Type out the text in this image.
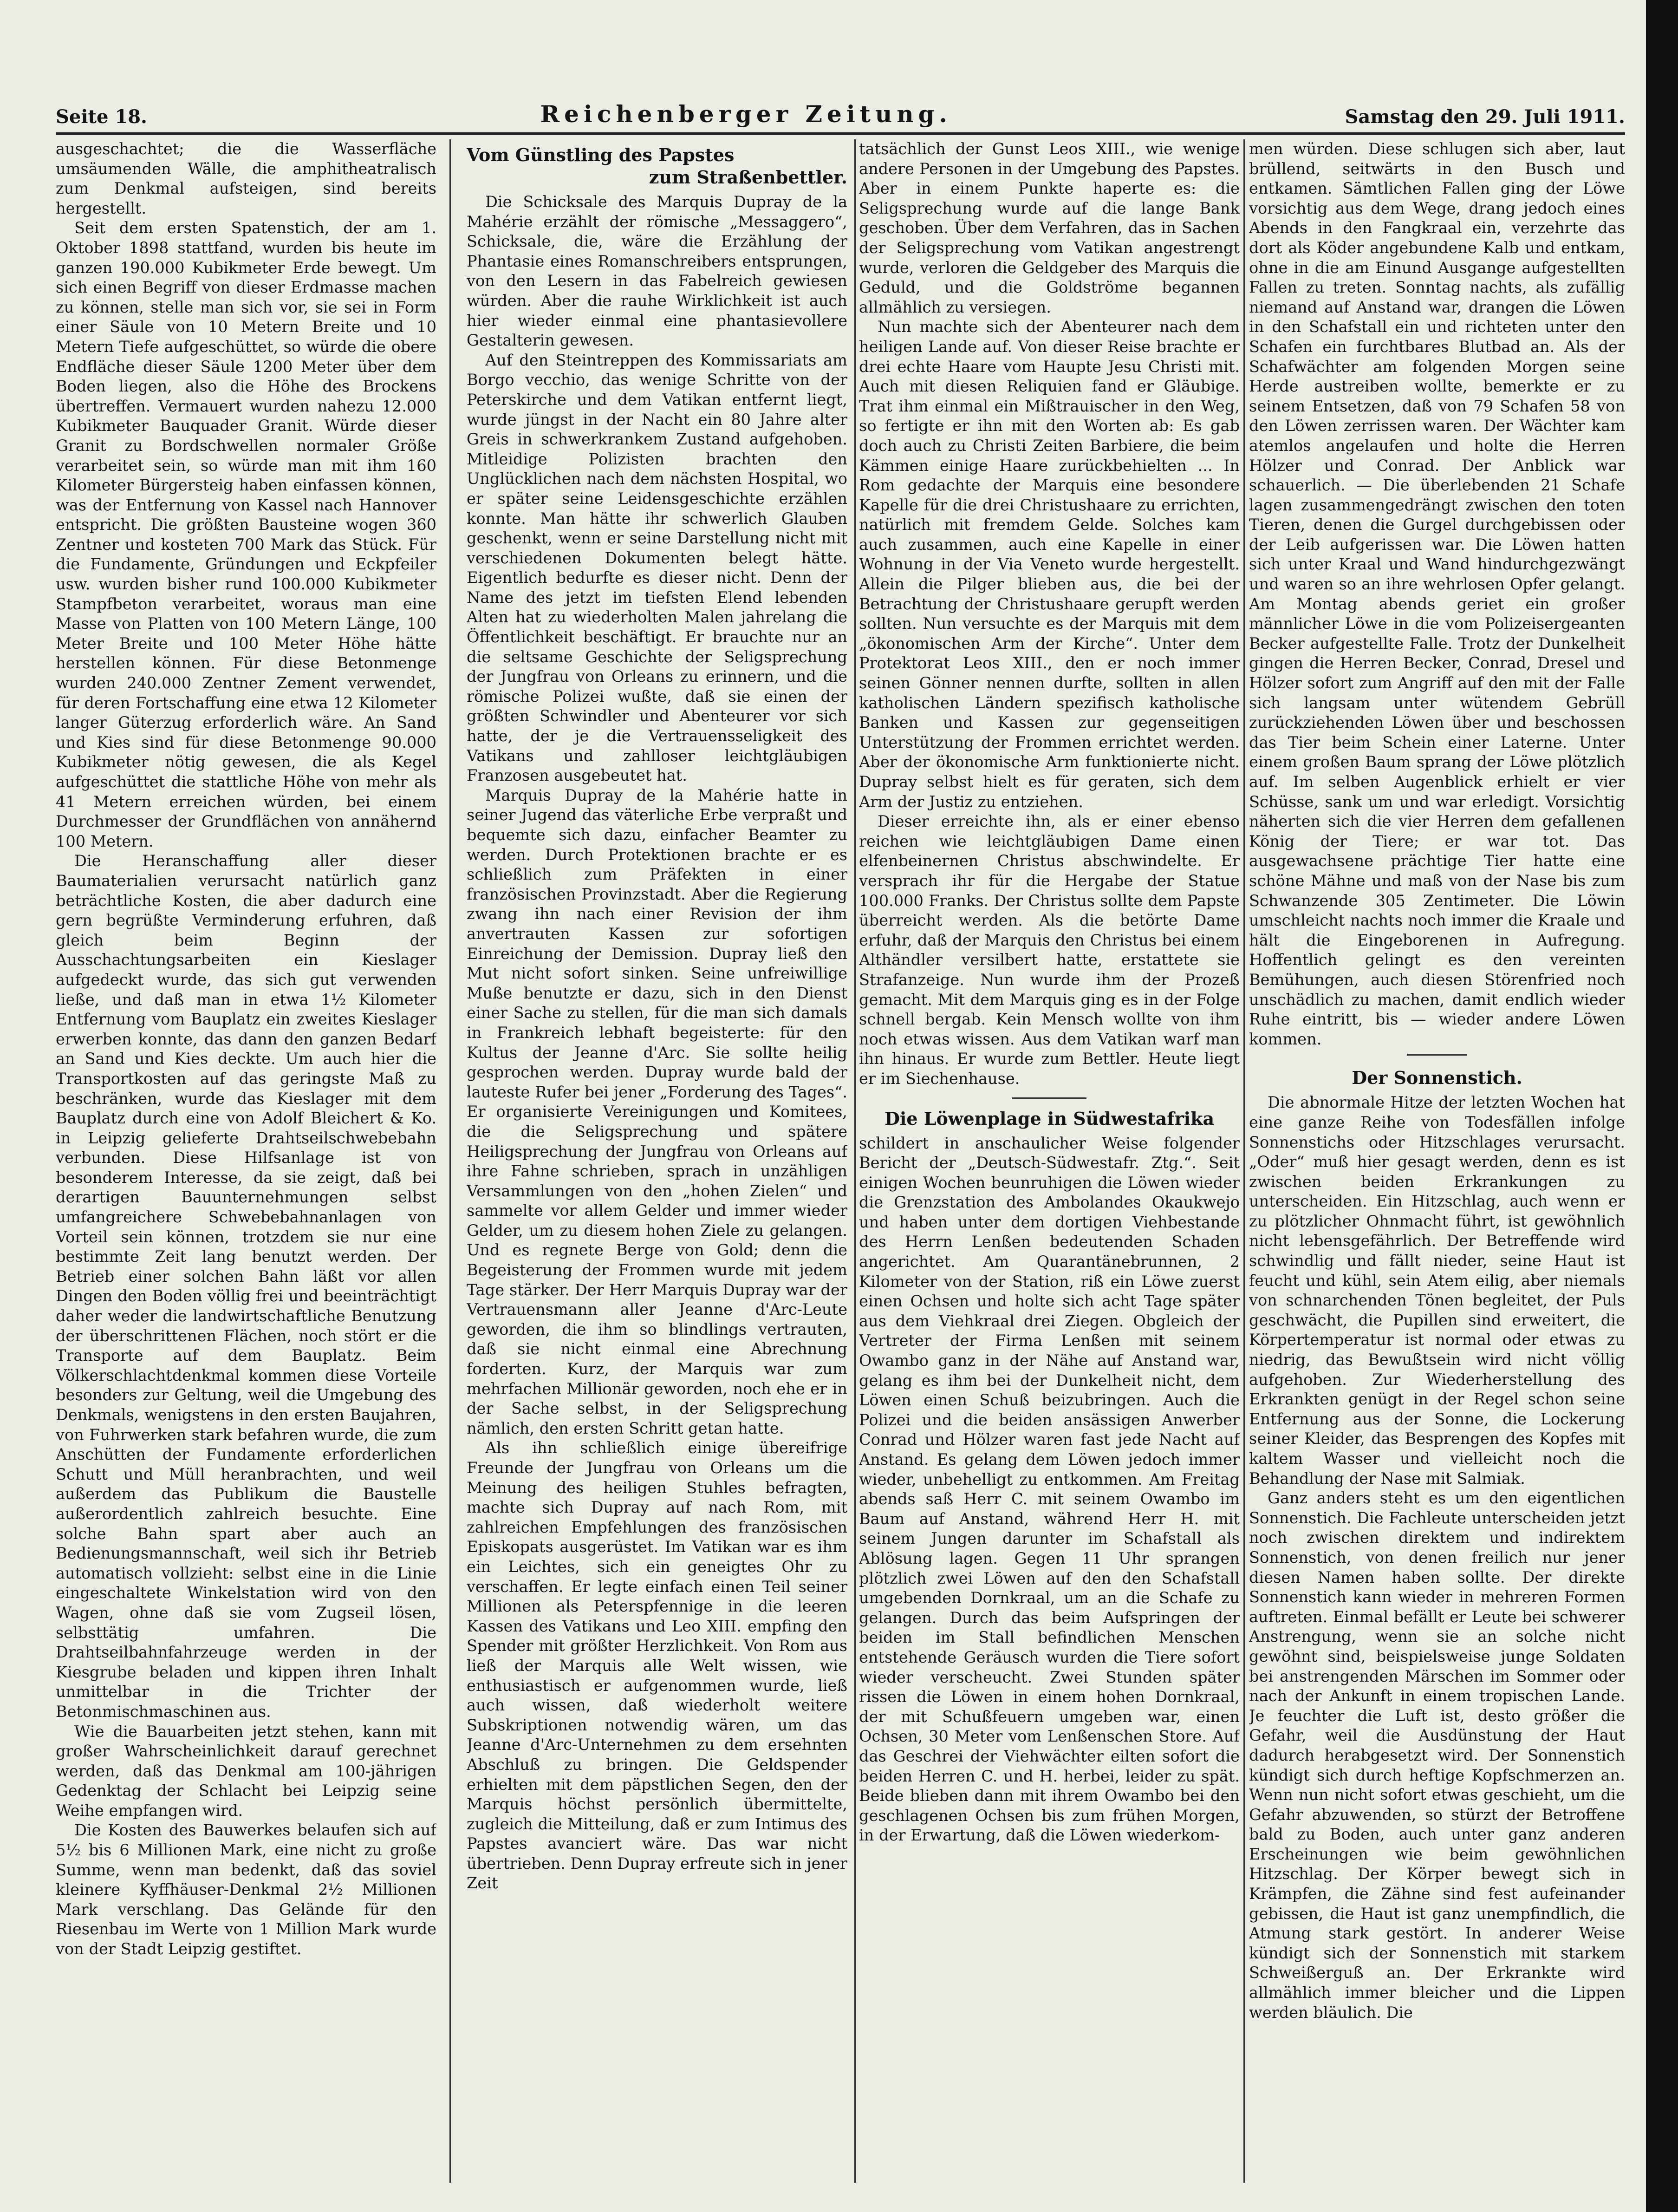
Seite 18.	Reichenberger Zeitung.	Samstag den 29. Juli 1911.

ausgeschachtet; die die Wasserfläche umsäumenden Wälle, die amphitheatralisch zum Denkmal aufsteigen, sind bereits hergestellt.

Seit dem ersten Spatenstich, der am 1. Oktober 1898 stattfand, wurden bis heute im ganzen 190.000 Kubikmeter Erde bewegt. Um sich einen Begriff von dieser Erdmasse machen zu können, stelle man sich vor, sie sei in Form einer Säule von 10 Metern Breite und 10 Metern Tiefe aufgeschüttet, so würde die obere Endfläche dieser Säule 1200 Meter über dem Boden liegen, also die Höhe des Brockens übertreffen. Vermauert wurden nahezu 12.000 Kubikmeter Bauquader Granit. Würde dieser Granit zu Bordschwellen normaler Größe verarbeitet sein, so würde man mit ihm 160 Kilometer Bürgersteig haben einfassen können, was der Entfernung von Kassel nach Hannover entspricht. Die größten Bausteine wogen 360 Zentner und kosteten 700 Mark das Stück. Für die Fundamente, Gründungen und Eckpfeiler usw. wurden bisher rund 100.000 Kubikmeter Stampfbeton verarbeitet, woraus man eine Masse von Platten von 100 Metern Länge, 100 Meter Breite und 100 Meter Höhe hätte herstellen können. Für diese Betonmenge wurden 240.000 Zentner Zement verwendet, für deren Fortschaffung eine etwa 12 Kilometer langer Güterzug erforderlich wäre. An Sand und Kies sind für diese Betonmenge 90.000 Kubikmeter nötig gewesen, die als Kegel aufgeschüttet die stattliche Höhe von mehr als 41 Metern erreichen würden, bei einem Durchmesser der Grundflächen von annähernd 100 Metern.

Die Heranschaffung aller dieser Baumaterialien verursacht natürlich ganz beträchtliche Kosten, die aber dadurch eine gern begrüßte Verminderung erfuhren, daß gleich beim Beginn der Ausschachtungsarbeiten ein Kieslager aufgedeckt wurde, das sich gut verwenden ließe, und daß man in etwa 1½ Kilometer Entfernung vom Bauplatz ein zweites Kieslager erwerben konnte, das dann den ganzen Bedarf an Sand und Kies deckte. Um auch hier die Transportkosten auf das geringste Maß zu beschränken, wurde das Kieslager mit dem Bauplatz durch eine von Adolf Bleichert & Ko. in Leipzig gelieferte Drahtseilschwebebahn verbunden. Diese Hilfsanlage ist von besonderem Interesse, da sie zeigt, daß bei derartigen Bauunternehmungen selbst umfangreichere Schwebebahnanlagen von Vorteil sein können, trotzdem sie nur eine bestimmte Zeit lang benutzt werden. Der Betrieb einer solchen Bahn läßt vor allen Dingen den Boden völlig frei und beeinträchtigt daher weder die landwirtschaftliche Benutzung der überschrittenen Flächen, noch stört er die Transporte auf dem Bauplatz. Beim Völkerschlachtdenkmal kommen diese Vorteile besonders zur Geltung, weil die Umgebung des Denkmals, wenigstens in den ersten Baujahren, von Fuhrwerken stark befahren wurde, die zum Anschütten der Fundamente erforderlichen Schutt und Müll heranbrachten, und weil außerdem das Publikum die Baustelle außerordentlich zahlreich besuchte. Eine solche Bahn spart aber auch an Bedienungsmannschaft, weil sich ihr Betrieb automatisch vollzieht: selbst eine in die Linie eingeschaltete Winkelstation wird von den Wagen, ohne daß sie vom Zugseil lösen, selbsttätig umfahren. Die Drahtseilbahnfahrzeuge werden in der Kiesgrube beladen und kippen ihren Inhalt unmittelbar in die Trichter der Betonmischmaschinen aus.

Wie die Bauarbeiten jetzt stehen, kann mit großer Wahrscheinlichkeit darauf gerechnet werden, daß das Denkmal am 100-jährigen Gedenktag der Schlacht bei Leipzig seine Weihe empfangen wird.

Die Kosten des Bauwerkes belaufen sich auf 5½ bis 6 Millionen Mark, eine nicht zu große Summe, wenn man bedenkt, daß das soviel kleinere Kyffhäuser-Denkmal 2½ Millionen Mark verschlang. Das Gelände für den Riesenbau im Werte von 1 Million Mark wurde von der Stadt Leipzig gestiftet.

Vom Günstling des Papstes
zum Straßenbettler.

Die Schicksale des Marquis Dupray de la Mahérie erzählt der römische „Messaggero“, Schicksale, die, wäre die Erzählung der Phantasie eines Romanschreibers entsprungen, von den Lesern in das Fabelreich gewiesen würden. Aber die rauhe Wirklichkeit ist auch hier wieder einmal eine phantasievollere Gestalterin gewesen.

Auf den Steintreppen des Kommissariats am Borgo vecchio, das wenige Schritte von der Peterskirche und dem Vatikan entfernt liegt, wurde jüngst in der Nacht ein 80 Jahre alter Greis in schwerkrankem Zustand aufgehoben. Mitleidige Polizisten brachten den Unglücklichen nach dem nächsten Hospital, wo er später seine Leidensgeschichte erzählen konnte. Man hätte ihr schwerlich Glauben geschenkt, wenn er seine Darstellung nicht mit verschiedenen Dokumenten belegt hätte. Eigentlich bedurfte es dieser nicht. Denn der Name des jetzt im tiefsten Elend lebenden Alten hat zu wiederholten Malen jahrelang die Öffentlichkeit beschäftigt. Er brauchte nur an die seltsame Geschichte der Seligsprechung der Jungfrau von Orleans zu erinnern, und die römische Polizei wußte, daß sie einen der größten Schwindler und Abenteurer vor sich hatte, der je die Vertrauensseligkeit des Vatikans und zahlloser leichtgläubigen Franzosen ausgebeutet hat.

Marquis Dupray de la Mahérie hatte in seiner Jugend das väterliche Erbe verpraßt und bequemte sich dazu, einfacher Beamter zu werden. Durch Protektionen brachte er es schließlich zum Präfekten in einer französischen Provinzstadt. Aber die Regierung zwang ihn nach einer Revision der ihm anvertrauten Kassen zur sofortigen Einreichung der Demission. Dupray ließ den Mut nicht sofort sinken. Seine unfreiwillige Muße benutzte er dazu, sich in den Dienst einer Sache zu stellen, für die man sich damals in Frankreich lebhaft begeisterte: für den Kultus der Jeanne d'Arc. Sie sollte heilig gesprochen werden. Dupray wurde bald der lauteste Rufer bei jener „Forderung des Tages“. Er organisierte Vereinigungen und Komitees, die die Seligsprechung und spätere Heiligsprechung der Jungfrau von Orleans auf ihre Fahne schrieben, sprach in unzähligen Versammlungen von den „hohen Zielen“ und sammelte vor allem Gelder und immer wieder Gelder, um zu diesem hohen Ziele zu gelangen. Und es regnete Berge von Gold; denn die Begeisterung der Frommen wurde mit jedem Tage stärker. Der Herr Marquis Dupray war der Vertrauensmann aller Jeanne d'Arc-Leute geworden, die ihm so blindlings vertrauten, daß sie nicht einmal eine Abrechnung forderten. Kurz, der Marquis war zum mehrfachen Millionär geworden, noch ehe er in der Sache selbst, in der Seligsprechung nämlich, den ersten Schritt getan hatte.

Als ihn schließlich einige übereifrige Freunde der Jungfrau von Orleans um die Meinung des heiligen Stuhles befragten, machte sich Dupray auf nach Rom, mit zahlreichen Empfehlungen des französischen Episkopats ausgerüstet. Im Vatikan war es ihm ein Leichtes, sich ein geneigtes Ohr zu verschaffen. Er legte einfach einen Teil seiner Millionen als Peterspfennige in die leeren Kassen des Vatikans und Leo XIII. empfing den Spender mit größter Herzlichkeit. Von Rom aus ließ der Marquis alle Welt wissen, wie enthusiastisch er aufgenommen wurde, ließ auch wissen, daß wiederholt weitere Subskriptionen notwendig wären, um das Jeanne d'Arc-Unternehmen zu dem ersehnten Abschluß zu bringen. Die Geldspender erhielten mit dem päpstlichen Segen, den der Marquis höchst persönlich übermittelte, zugleich die Mitteilung, daß er zum Intimus des Papstes avanciert wäre. Das war nicht übertrieben. Denn Dupray erfreute sich in jener Zeit

tatsächlich der Gunst Leos XIII., wie wenige andere Personen in der Umgebung des Papstes. Aber in einem Punkte haperte es: die Seligsprechung wurde auf die lange Bank geschoben. Über dem Verfahren, das in Sachen der Seligsprechung vom Vatikan angestrengt wurde, verloren die Geldgeber des Marquis die Geduld, und die Goldströme begannen allmählich zu versiegen.

Nun machte sich der Abenteurer nach dem heiligen Lande auf. Von dieser Reise brachte er drei echte Haare vom Haupte Jesu Christi mit. Auch mit diesen Reliquien fand er Gläubige. Trat ihm einmal ein Mißtrauischer in den Weg, so fertigte er ihn mit den Worten ab: Es gab doch auch zu Christi Zeiten Barbiere, die beim Kämmen einige Haare zurückbehielten ... In Rom gedachte der Marquis eine besondere Kapelle für die drei Christushaare zu errichten, natürlich mit fremdem Gelde. Solches kam auch zusammen, auch eine Kapelle in einer Wohnung in der Via Veneto wurde hergestellt. Allein die Pilger blieben aus, die bei der Betrachtung der Christushaare gerupft werden sollten. Nun versuchte es der Marquis mit dem „ökonomischen Arm der Kirche“. Unter dem Protektorat Leos XIII., den er noch immer seinen Gönner nennen durfte, sollten in allen katholischen Ländern spezifisch katholische Banken und Kassen zur gegenseitigen Unterstützung der Frommen errichtet werden. Aber der ökonomische Arm funktionierte nicht. Dupray selbst hielt es für geraten, sich dem Arm der Justiz zu entziehen.

Dieser erreichte ihn, als er einer ebenso reichen wie leichtgläubigen Dame einen elfenbeinernen Christus abschwindelte. Er versprach ihr für die Hergabe der Statue 100.000 Franks. Der Christus sollte dem Papste überreicht werden. Als die betörte Dame erfuhr, daß der Marquis den Christus bei einem Althändler versilbert hatte, erstattete sie Strafanzeige. Nun wurde ihm der Prozeß gemacht. Mit dem Marquis ging es in der Folge schnell bergab. Kein Mensch wollte von ihm noch etwas wissen. Aus dem Vatikan warf man ihn hinaus. Er wurde zum Bettler. Heute liegt er im Siechenhause.

Die Löwenplage in Südwestafrika

schildert in anschaulicher Weise folgender Bericht der „Deutsch-Südwestafr. Ztg.“. Seit einigen Wochen beunruhigen die Löwen wieder die Grenzstation des Ambolandes Okaukwejo und haben unter dem dortigen Viehbestande des Herrn Lenßen bedeutenden Schaden angerichtet. Am Quarantänebrunnen, 2 Kilometer von der Station, riß ein Löwe zuerst einen Ochsen und holte sich acht Tage später aus dem Viehkraal drei Ziegen. Obgleich der Vertreter der Firma Lenßen mit seinem Owambo ganz in der Nähe auf Anstand war, gelang es ihm bei der Dunkelheit nicht, dem Löwen einen Schuß beizubringen. Auch die Polizei und die beiden ansässigen Anwerber Conrad und Hölzer waren fast jede Nacht auf Anstand. Es gelang dem Löwen jedoch immer wieder, unbehelligt zu entkommen. Am Freitag abends saß Herr C. mit seinem Owambo im Baum auf Anstand, während Herr H. mit seinem Jungen darunter im Schafstall als Ablösung lagen. Gegen 11 Uhr sprangen plötzlich zwei Löwen auf den den Schafstall umgebenden Dornkraal, um an die Schafe zu gelangen. Durch das beim Aufspringen der beiden im Stall befindlichen Menschen entstehende Geräusch wurden die Tiere sofort wieder verscheucht. Zwei Stunden später rissen die Löwen in einem hohen Dornkraal, der mit Schußfeuern umgeben war, einen Ochsen, 30 Meter vom Lenßenschen Store. Auf das Geschrei der Viehwächter eilten sofort die beiden Herren C. und H. herbei, leider zu spät. Beide blieben dann mit ihrem Owambo bei den geschlagenen Ochsen bis zum frühen Morgen, in der Erwartung, daß die Löwen wiederkom-

men würden. Diese schlugen sich aber, laut brüllend, seitwärts in den Busch und entkamen. Sämtlichen Fallen ging der Löwe vorsichtig aus dem Wege, drang jedoch eines Abends in den Fangkraal ein, verzehrte das dort als Köder angebundene Kalb und entkam, ohne in die am Einund Ausgange aufgestellten Fallen zu treten. Sonntag nachts, als zufällig niemand auf Anstand war, drangen die Löwen in den Schafstall ein und richteten unter den Schafen ein furchtbares Blutbad an. Als der Schafwächter am folgenden Morgen seine Herde austreiben wollte, bemerkte er zu seinem Entsetzen, daß von 79 Schafen 58 von den Löwen zerrissen waren. Der Wächter kam atemlos angelaufen und holte die Herren Hölzer und Conrad. Der Anblick war schauerlich. — Die überlebenden 21 Schafe lagen zusammengedrängt zwischen den toten Tieren, denen die Gurgel durchgebissen oder der Leib aufgerissen war. Die Löwen hatten sich unter Kraal und Wand hindurchgezwängt und waren so an ihre wehrlosen Opfer gelangt. Am Montag abends geriet ein großer männlicher Löwe in die vom Polizeisergeanten Becker aufgestellte Falle. Trotz der Dunkelheit gingen die Herren Becker, Conrad, Dresel und Hölzer sofort zum Angriff auf den mit der Falle sich langsam unter wütendem Gebrüll zurückziehenden Löwen über und beschossen das Tier beim Schein einer Laterne. Unter einem großen Baum sprang der Löwe plötzlich auf. Im selben Augenblick erhielt er vier Schüsse, sank um und war erledigt. Vorsichtig näherten sich die vier Herren dem gefallenen König der Tiere; er war tot. Das ausgewachsene prächtige Tier hatte eine schöne Mähne und maß von der Nase bis zum Schwanzende 305 Zentimeter. Die Löwin umschleicht nachts noch immer die Kraale und hält die Eingeborenen in Aufregung. Hoffentlich gelingt es den vereinten Bemühungen, auch diesen Störenfried noch unschädlich zu machen, damit endlich wieder Ruhe eintritt, bis — wieder andere Löwen kommen.

Der Sonnenstich.

Die abnormale Hitze der letzten Wochen hat eine ganze Reihe von Todesfällen infolge Sonnenstichs oder Hitzschlages verursacht. „Oder“ muß hier gesagt werden, denn es ist zwischen beiden Erkrankungen zu unterscheiden. Ein Hitzschlag, auch wenn er zu plötzlicher Ohnmacht führt, ist gewöhnlich nicht lebensgefährlich. Der Betreffende wird schwindlig und fällt nieder, seine Haut ist feucht und kühl, sein Atem eilig, aber niemals von schnarchenden Tönen begleitet, der Puls geschwächt, die Pupillen sind erweitert, die Körpertemperatur ist normal oder etwas zu niedrig, das Bewußtsein wird nicht völlig aufgehoben. Zur Wiederherstellung des Erkrankten genügt in der Regel schon seine Entfernung aus der Sonne, die Lockerung seiner Kleider, das Besprengen des Kopfes mit kaltem Wasser und vielleicht noch die Behandlung der Nase mit Salmiak.

Ganz anders steht es um den eigentlichen Sonnenstich. Die Fachleute unterscheiden jetzt noch zwischen direktem und indirektem Sonnenstich, von denen freilich nur jener diesen Namen haben sollte. Der direkte Sonnenstich kann wieder in mehreren Formen auftreten. Einmal befällt er Leute bei schwerer Anstrengung, wenn sie an solche nicht gewöhnt sind, beispielsweise junge Soldaten bei anstrengenden Märschen im Sommer oder nach der Ankunft in einem tropischen Lande. Je feuchter die Luft ist, desto größer die Gefahr, weil die Ausdünstung der Haut dadurch herabgesetzt wird. Der Sonnenstich kündigt sich durch heftige Kopfschmerzen an. Wenn nun nicht sofort etwas geschieht, um die Gefahr abzuwenden, so stürzt der Betroffene bald zu Boden, auch unter ganz anderen Erscheinungen wie beim gewöhnlichen Hitzschlag. Der Körper bewegt sich in Krämpfen, die Zähne sind fest aufeinander gebissen, die Haut ist ganz unempfindlich, die Atmung stark gestört. In anderer Weise kündigt sich der Sonnenstich mit starkem Schweißerguß an. Der Erkrankte wird allmählich immer bleicher und die Lippen werden bläulich. Die
